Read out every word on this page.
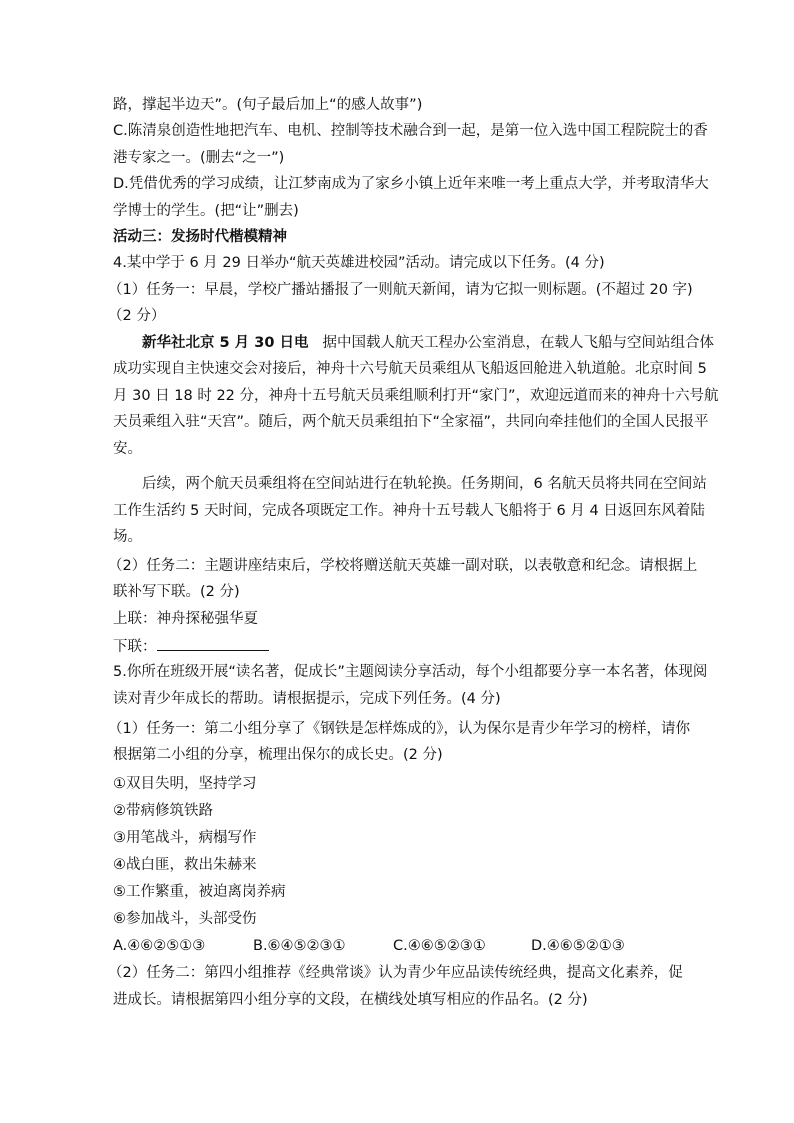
路，撑起半边天”。(句子最后加上“的感人故事”)
C.陈清泉创造性地把汽车、电机、控制等技术融合到一起，是第一位入选中国工程院院士的香
港专家之一。(删去“之一”)
D.凭借优秀的学习成绩，让江梦南成为了家乡小镇上近年来唯一考上重点大学，并考取清华大
学博士的学生。(把“让”删去)
活动三：发扬时代楷模精神
4.某中学于 6 月 29 日举办“航天英雄进校园”活动。请完成以下任务。(4 分)
（1）任务一：早晨，学校广播站播报了一则航天新闻，请为它拟一则标题。(不超过 20 字)
（2 分）
新华社北京 5 月 30 日电 据中国载人航天工程办公室消息，在载人飞船与空间站组合体
成功实现自主快速交会对接后，神舟十六号航天员乘组从飞船返回舱进入轨道舱。北京时间 5
月 30 日 18 时 22 分，神舟十五号航天员乘组顺利打开“家门”，欢迎远道而来的神舟十六号航
天员乘组入驻“天宫”。随后，两个航天员乘组拍下“全家福”，共同向牵挂他们的全国人民报平
安。
后续，两个航天员乘组将在空间站进行在轨轮换。任务期间，6 名航天员将共同在空间站
工作生活约 5 天时间，完成各项既定工作。神舟十五号载人飞船将于 6 月 4 日返回东风着陆
场。
（2）任务二：主题讲座结束后，学校将赠送航天英雄一副对联，以表敬意和纪念。请根据上
联补写下联。(2 分)
上联：神舟探秘强华夏
下联：
5.你所在班级开展“读名著，促成长”主题阅读分享活动，每个小组都要分享一本名著，体现阅
读对青少年成长的帮助。请根据提示，完成下列任务。(4 分)
（1）任务一：第二小组分享了《钢铁是怎样炼成的》，认为保尔是青少年学习的榜样，请你
根据第二小组的分享，梳理出保尔的成长史。(2 分)
①双目失明，坚持学习
②带病修筑铁路
③用笔战斗，病榻写作
④战白匪，救出朱赫来
⑤工作繁重，被迫离岗养病
⑥参加战斗，头部受伤
A.④⑥②⑤①③	B.⑥④⑤②③①	C.④⑥⑤②③①	D.④⑥⑤②①③
（2）任务二：第四小组推荐《经典常谈》认为青少年应品读传统经典，提高文化素养，促
进成长。请根据第四小组分享的文段，在横线处填写相应的作品名。(2 分)
